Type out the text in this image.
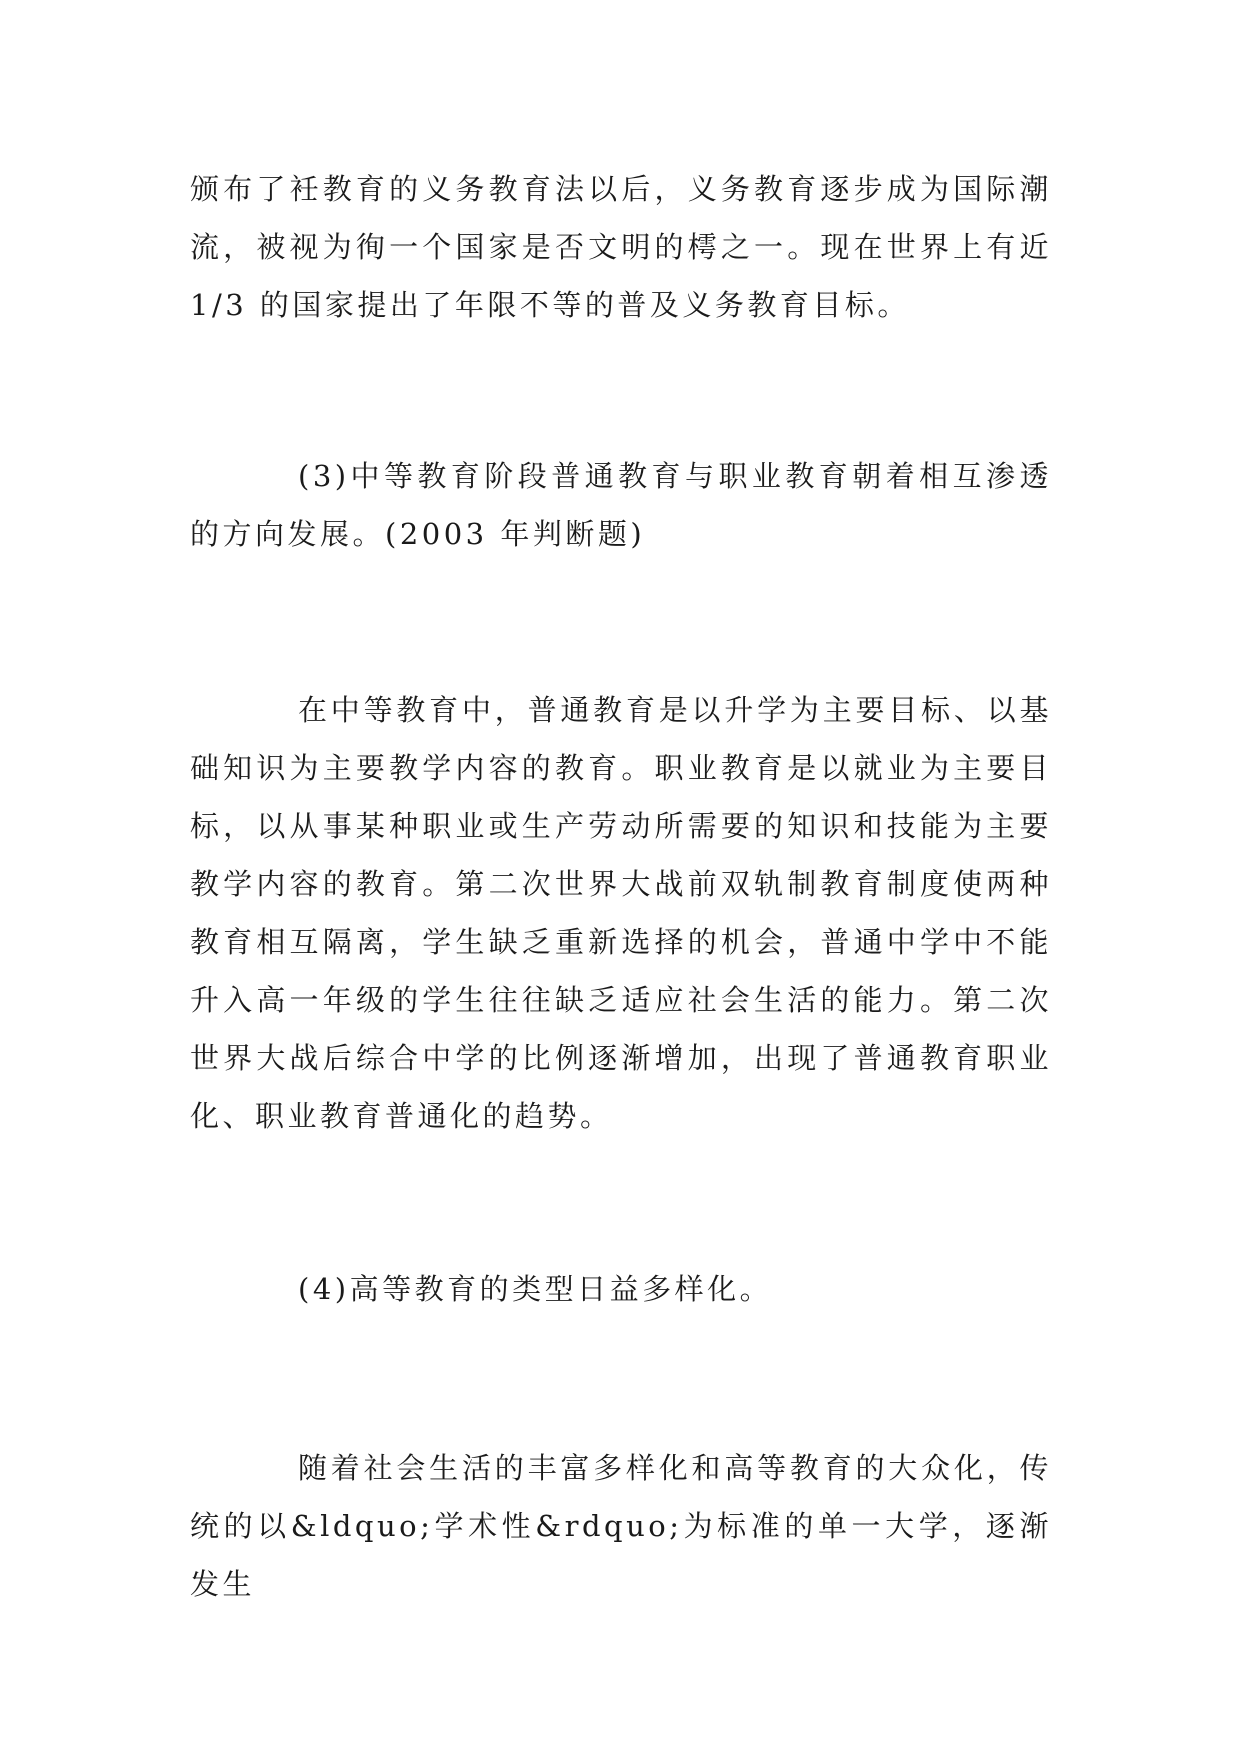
颁布了衽教育的义务教育法以后，义务教育逐步成为国际潮流，被视为徇一个国家是否文明的樗之一。现在世界上有近1/3 的国家提出了年限不等的普及义务教育目标。

(3)中等教育阶段普通教育与职业教育朝着相互渗透的方向发展。(2003 年判断题)

在中等教育中，普通教育是以升学为主要目标、以基础知识为主要教学内容的教育。职业教育是以就业为主要目标，以从事某种职业或生产劳动所需要的知识和技能为主要教学内容的教育。第二次世界大战前双轨制教育制度使两种教育相互隔离，学生缺乏重新选择的机会，普通中学中不能升入高一年级的学生往往缺乏适应社会生活的能力。第二次世界大战后综合中学的比例逐渐增加，出现了普通教育职业化、职业教育普通化的趋势。

(4)高等教育的类型日益多样化。

随着社会生活的丰富多样化和高等教育的大众化，传统的以&ldquo;学术性&rdquo;为标准的单一大学，逐渐发生
